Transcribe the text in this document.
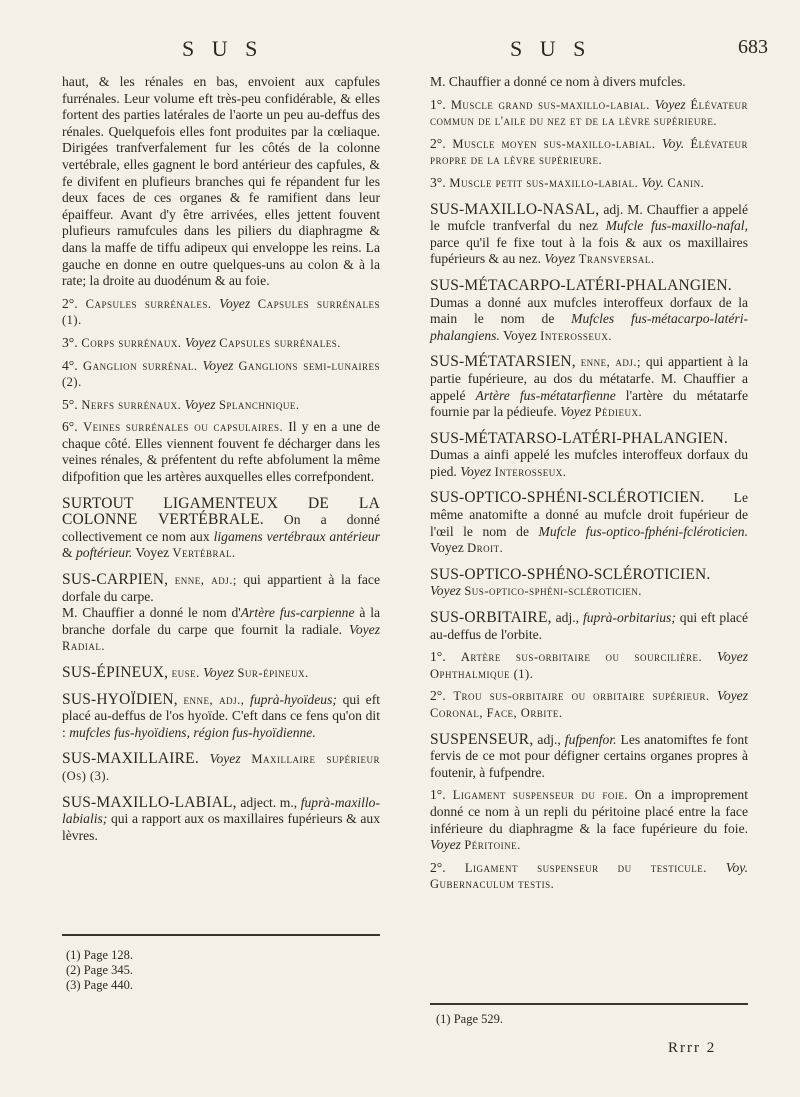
S U S	S U S	683

haut, & les rénales en bas, envoient aux capfules furrénales. Leur volume eft très-peu confidérable, & elles fortent des parties latérales de l'aorte un peu au-deffus des rénales. Quelquefois elles font produites par la cœliaque. Dirigées tranfverfalement fur les côtés de la colonne vertébrale, elles gagnent le bord antérieur des capfules, & fe divifent en plufieurs branches qui fe répandent fur les deux faces de ces organes & fe ramifient dans leur épaiffeur. Avant d'y être arrivées, elles jettent fouvent plufieurs ramufcules dans les piliers du diaphragme & dans la maffe de tiffu adipeux qui enveloppe les reins. La gauche en donne en outre quelques-uns au colon & à la rate; la droite au duodénum & au foie.

2°. Capsules surrénales. Voyez Capsules surrénales (1).

3°. Corps surrénaux. Voyez Capsules surrénales.

4°. Ganglion surrénal. Voyez Ganglions semi-lunaires (2).

5°. Nerfs surrénaux. Voyez Splanchnique.

6°. Veines surrénales ou capsulaires. Il y en a une de chaque côté. Elles viennent fouvent fe décharger dans les veines rénales, & préfentent du refte abfolument la même difpofition que les artères auxquelles elles correfpondent.

SURTOUT LIGAMENTEUX DE LA COLONNE VERTÉBRALE. On a donné collectivement ce nom aux ligamens vertébraux antérieur & poftérieur. Voyez Vertébral.

SUS-CARPIEN, enne, adj.; qui appartient à la face dorfale du carpe.
M. Chauffier a donné le nom d'Artère fus-carpienne à la branche dorfale du carpe que fournit la radiale. Voyez Radial.

SUS-ÉPINEUX, euse. Voyez Sur-épineux.

SUS-HYOÏDIEN, enne, adj., fuprà-hyoïdeus; qui eft placé au-deffus de l'os hyoïde. C'eft dans ce fens qu'on dit : mufcles fus-hyoïdiens, région fus-hyoïdienne.

SUS-MAXILLAIRE. Voyez Maxillaire supérieur (Os) (3).

SUS-MAXILLO-LABIAL, adject. m., fuprà-maxillo-labialis; qui a rapport aux os maxillaires fupérieurs & aux lèvres.

(1) Page 128.
(2) Page 345.
(3) Page 440.

M. Chauffier a donné ce nom à divers mufcles.

1°. Muscle grand sus-maxillo-labial. Voyez Élévateur commun de l'aile du nez et de la lèvre supérieure.

2°. Muscle moyen sus-maxillo-labial. Voy. Élévateur propre de la lèvre supérieure.

3°. Muscle petit sus-maxillo-labial. Voy. Canin.

SUS-MAXILLO-NASAL, adj. M. Chauffier a appelé le mufcle tranfverfal du nez Mufcle fus-maxillo-nafal, parce qu'il fe fixe tout à la fois & aux os maxillaires fupérieurs & au nez. Voyez Transversal.

SUS-MÉTACARPO-LATÉRI-PHALANGIEN. Dumas a donné aux mufcles interoffeux dorfaux de la main le nom de Mufcles fus-métacarpo-latéri-phalangiens. Voyez Interosseux.

SUS-MÉTATARSIEN, enne, adj.; qui appartient à la partie fupérieure, au dos du métatarfe. M. Chauffier a appelé Artère fus-métatarfienne l'artère du métatarfe fournie par la pédieufe. Voyez Pédieux.

SUS-MÉTATARSO-LATÉRI-PHALANGIEN. Dumas a ainfi appelé les mufcles interoffeux dorfaux du pied. Voyez Interosseux.

SUS-OPTICO-SPHÉNI-SCLÉROTICIEN. Le même anatomifte a donné au mufcle droit fupérieur de l'œil le nom de Mufcle fus-optico-fphéni-fcléroticien. Voyez Droit.

SUS-OPTICO-SPHÉNO-SCLÉROTICIEN.
Voyez Sus-optico-sphéni-scléroticien.

SUS-ORBITAIRE, adj., fuprà-orbitarius; qui eft placé au-deffus de l'orbite.

1°. Artère sus-orbitaire ou sourcilière. Voyez Ophthalmique (1).

2°. Trou sus-orbitaire ou orbitaire supérieur. Voyez Coronal, Face, Orbite.

SUSPENSEUR, adj., fufpenfor. Les anatomiftes fe font fervis de ce mot pour défigner certains organes propres à foutenir, à fufpendre.

1°. Ligament suspenseur du foie. On a improprement donné ce nom à un repli du péritoine placé entre la face inférieure du diaphragme & la face fupérieure du foie. Voyez Péritoine.

2°. Ligament suspenseur du testicule. Voy. Gubernaculum testis.

(1) Page 529.
Rrrr 2
